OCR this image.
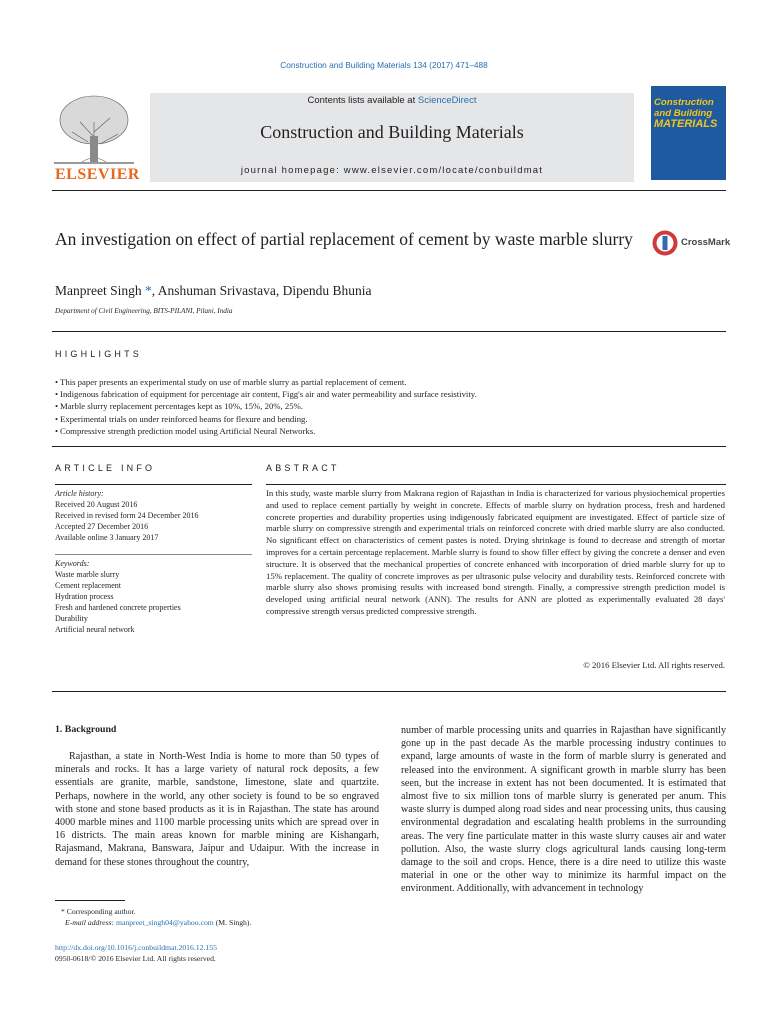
Construction and Building Materials 134 (2017) 471–488
ELSEVIER
Contents lists available at ScienceDirect
Construction and Building Materials
journal homepage: www.elsevier.com/locate/conbuildmat
Construction
and Building
MATERIALS
An investigation on effect of partial replacement of cement by waste marble slurry	CrossMark
Manpreet Singh *, Anshuman Srivastava, Dipendu Bhunia
Department of Civil Engineering, BITS-PILANI, Pilani, India
HIGHLIGHTS
• This paper presents an experimental study on use of marble slurry as partial replacement of cement.
• Indigenous fabrication of equipment for percentage air content, Figg's air and water permeability and surface resistivity.
• Marble slurry replacement percentages kept as 10%, 15%, 20%, 25%.
• Experimental trials on under reinforced beams for flexure and bending.
• Compressive strength prediction model using Artificial Neural Networks.
ARTICLE INFO
Article history:
Received 20 August 2016
Received in revised form 24 December 2016
Accepted 27 December 2016
Available online 3 January 2017
Keywords:
Waste marble slurry
Cement replacement
Hydration process
Fresh and hardened concrete properties
Durability
Artificial neural network
ABSTRACT
In this study, waste marble slurry from Makrana region of Rajasthan in India is characterized for various physiochemical properties and used to replace cement partially by weight in concrete. Effects of marble slurry on hydration process, fresh and hardened concrete properties and durability properties using indigenously fabricated equipment are investigated. Effect of particle size of marble slurry on compressive strength and experimental trials on reinforced concrete with dried marble slurry are also conducted. No significant effect on characteristics of cement pastes is noted. Drying shrinkage is found to decrease and strength of mortar improves for a certain percentage replacement. Marble slurry is found to show filler effect by giving the concrete a denser and even structure. It is observed that the mechanical properties of concrete enhanced with incorporation of dried marble slurry for up to 15% replacement. The quality of concrete improves as per ultrasonic pulse velocity and durability tests. Reinforced concrete with marble slurry also shows promising results with increased bond strength. Finally, a compressive strength prediction model is developed using artificial neural network (ANN). The results for ANN are plotted as experimentally evaluated 28 days' compressive strength versus predicted compressive strength.
© 2016 Elsevier Ltd. All rights reserved.
1. Background
Rajasthan, a state in North-West India is home to more than 50 types of minerals and rocks. It has a large variety of natural rock deposits, a few essentials are granite, marble, sandstone, limestone, slate and quartzite. Perhaps, nowhere in the world, any other society is found to be so engraved with stone and stone based products as it is in Rajasthan. The state has around 4000 marble mines and 1100 marble processing units which are spread over in 16 districts. The main areas known for marble mining are Kishangarh, Rajasmand, Makrana, Banswara, Jaipur and Udaipur. With the increase in demand for these stones throughout the country,
number of marble processing units and quarries in Rajasthan have significantly gone up in the past decade As the marble processing industry continues to expand, large amounts of waste in the form of marble slurry is generated and released into the environment. A significant growth in marble slurry has been seen, but the increase in extent has not been documented. It is estimated that almost five to six million tons of marble slurry is generated per anum. This waste slurry is dumped along road sides and near processing units, thus causing environmental degradation and escalating health problems in the surrounding areas. The very fine particulate matter in this waste slurry causes air and water pollution. Also, the waste slurry clogs agricultural lands causing long-term damage to the soil and crops. Hence, there is a dire need to utilize this waste material in one or the other way to minimize its harmful impact on the environment. Additionally, with advancement in technology
* Corresponding author.
E-mail address: manpreet_singh04@yahoo.com (M. Singh).
http://dx.doi.org/10.1016/j.conbuildmat.2016.12.155
0950-0618/© 2016 Elsevier Ltd. All rights reserved.
